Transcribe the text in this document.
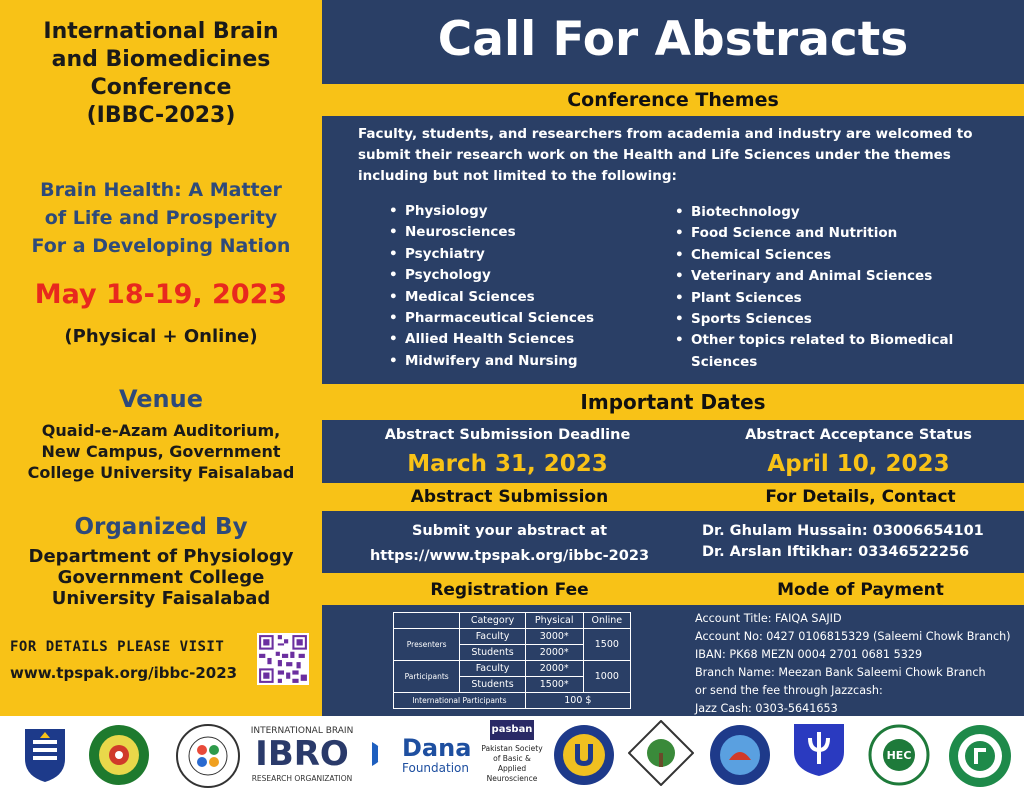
International Brain
and Biomedicines
Conference
(IBBC-2023)
Brain Health: A Matter
of Life and Prosperity
For a Developing Nation
May 18-19, 2023
(Physical + Online)
Venue
Quaid-e-Azam Auditorium,
New Campus, Government
College University Faisalabad
Organized By
Department of Physiology
Government College
University Faisalabad
FOR DETAILS PLEASE VISIT
www.tpspak.org/ibbc-2023
Call For Abstracts
Conference Themes
Faculty, students, and researchers from academia and industry are welcomed to submit their research work on the Health and Life Sciences under the themes including but not limited to the following:
• Physiology
• Neurosciences
• Psychiatry
• Psychology
• Medical Sciences
• Pharmaceutical Sciences
• Allied Health Sciences
• Midwifery and Nursing
• Biotechnology
• Food Science and Nutrition
• Chemical Sciences
• Veterinary and Animal Sciences
• Plant Sciences
• Sports Sciences
• Other topics related to Biomedical Sciences
Important Dates
Abstract Submission Deadline
March 31, 2023
Abstract Acceptance Status
April 10, 2023
Abstract Submission	For Details, Contact
Submit your abstract at
https://www.tpspak.org/ibbc-2023
Dr. Ghulam Hussain: 03006654101
Dr. Arslan Iftikhar: 03346522256
Registration Fee	Mode of Payment
	Category	Physical	Online
Presenters	Faculty	3000*	1500
	Students	2000*	
Participants	Faculty	2000*	1000
	Students	1500*	
International Participants		100 $	
Account Title: FAIQA SAJID
Account No: 0427 0106815329 (Saleemi Chowk Branch)
IBAN: PK68 MEZN 0004 2701 0681 5329
Branch Name: Meezan Bank Saleemi Chowk Branch
or send the fee through Jazzcash:
Jazz Cash: 0303-5641653
INTERNATIONAL BRAIN
IBRO
RESEARCH ORGANIZATION
Dana
Foundation
pasban
Pakistan Society
of Basic & Applied
Neuroscience
HEC
